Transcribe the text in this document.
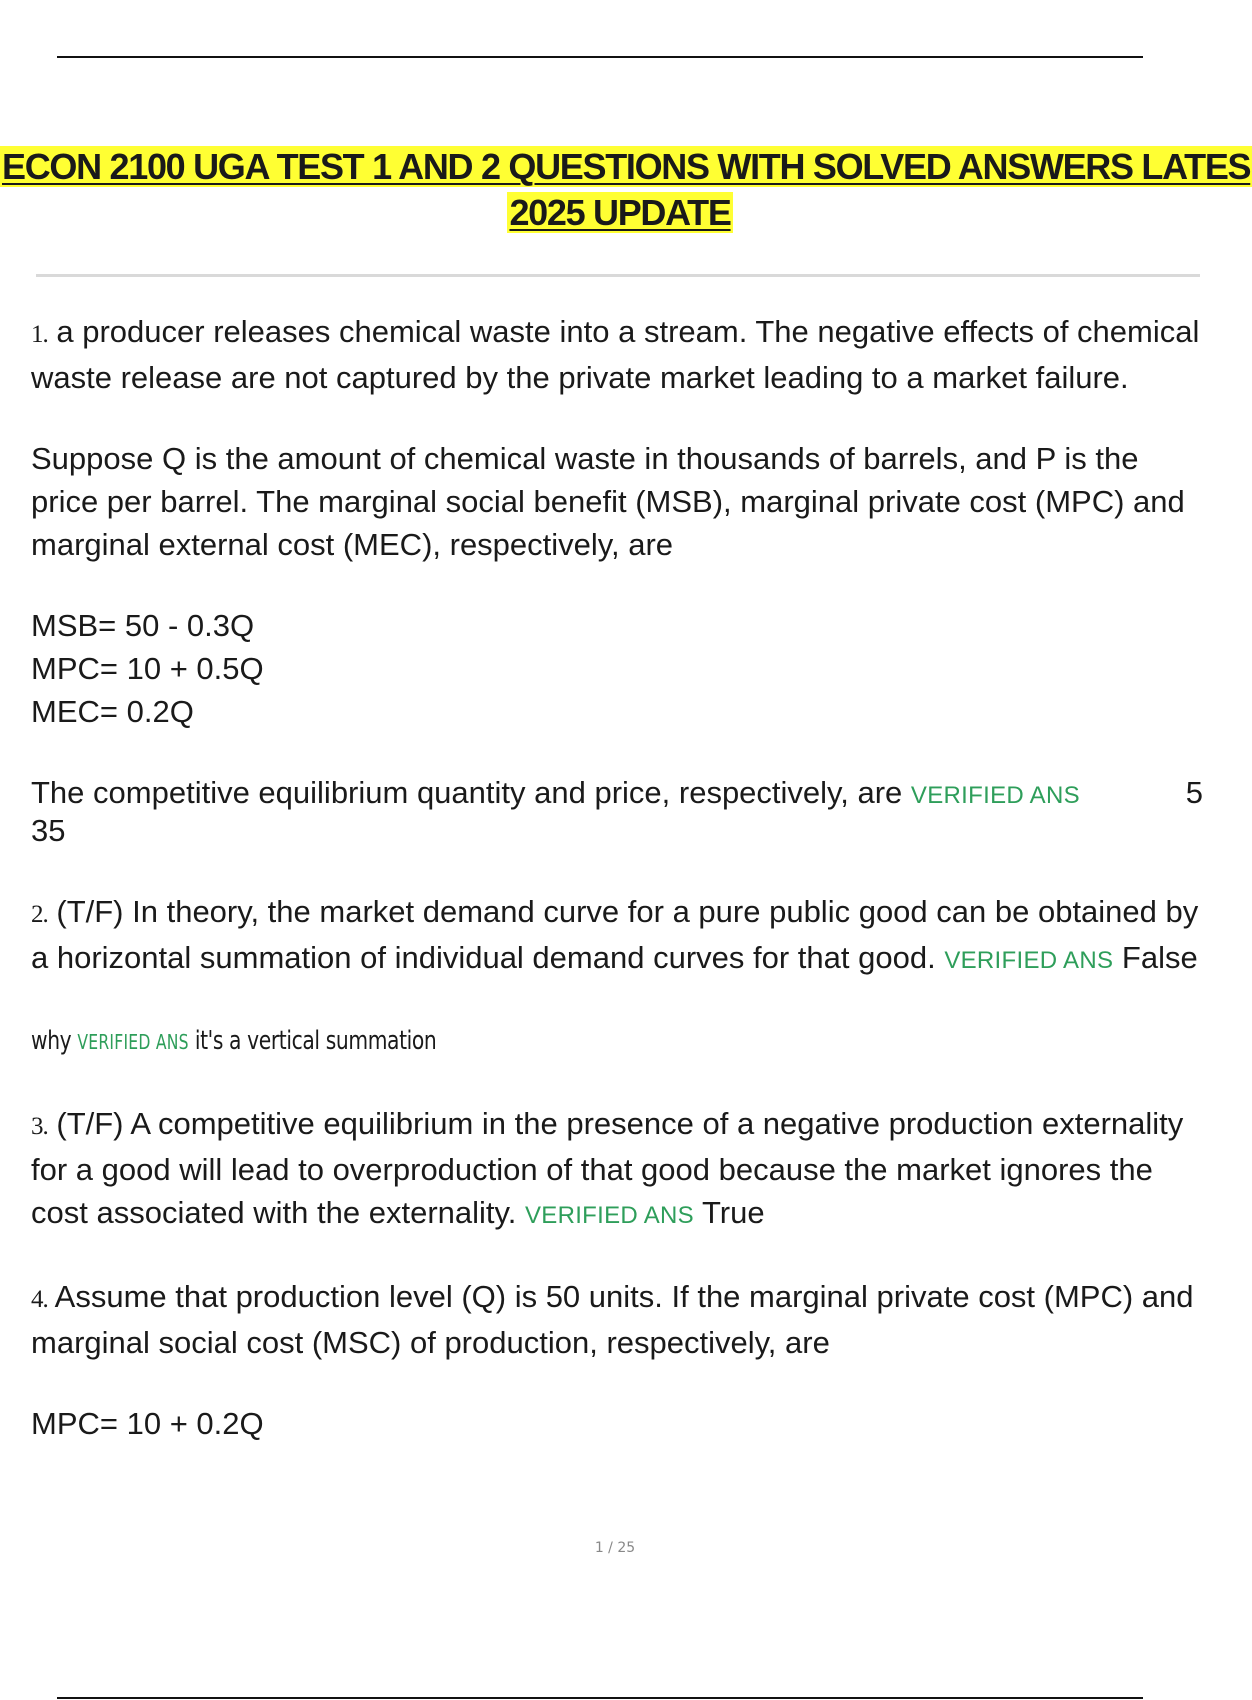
ECON 2100 UGA TEST 1 AND 2 QUESTIONS WITH SOLVED ANSWERS LATES
2025 UPDATE

1. a producer releases chemical waste into a stream. The negative effects of chemical waste release are not captured by the private market leading to a market failure.

Suppose Q is the amount of chemical waste in thousands of barrels, and P is the price per barrel. The marginal social benefit (MSB), marginal private cost (MPC) and marginal external cost (MEC), respectively, are

MSB= 50 - 0.3Q

MPC= 10 + 0.5Q

MEC= 0.2Q

The competitive equilibrium quantity and price, respectively, are VERIFIED ANS	5

35

2. (T/F) In theory, the market demand curve for a pure public good can be obtained by a horizontal summation of individual demand curves for that good. VERIFIED ANS False

why VERIFIED ANS it's a vertical summation

3. (T/F) A competitive equilibrium in the presence of a negative production externality for a good will lead to overproduction of that good because the market ignores the cost associated with the externality. VERIFIED ANS True

4. Assume that production level (Q) is 50 units. If the marginal private cost (MPC) and marginal social cost (MSC) of production, respectively, are

MPC= 10 + 0.2Q

1 / 25
